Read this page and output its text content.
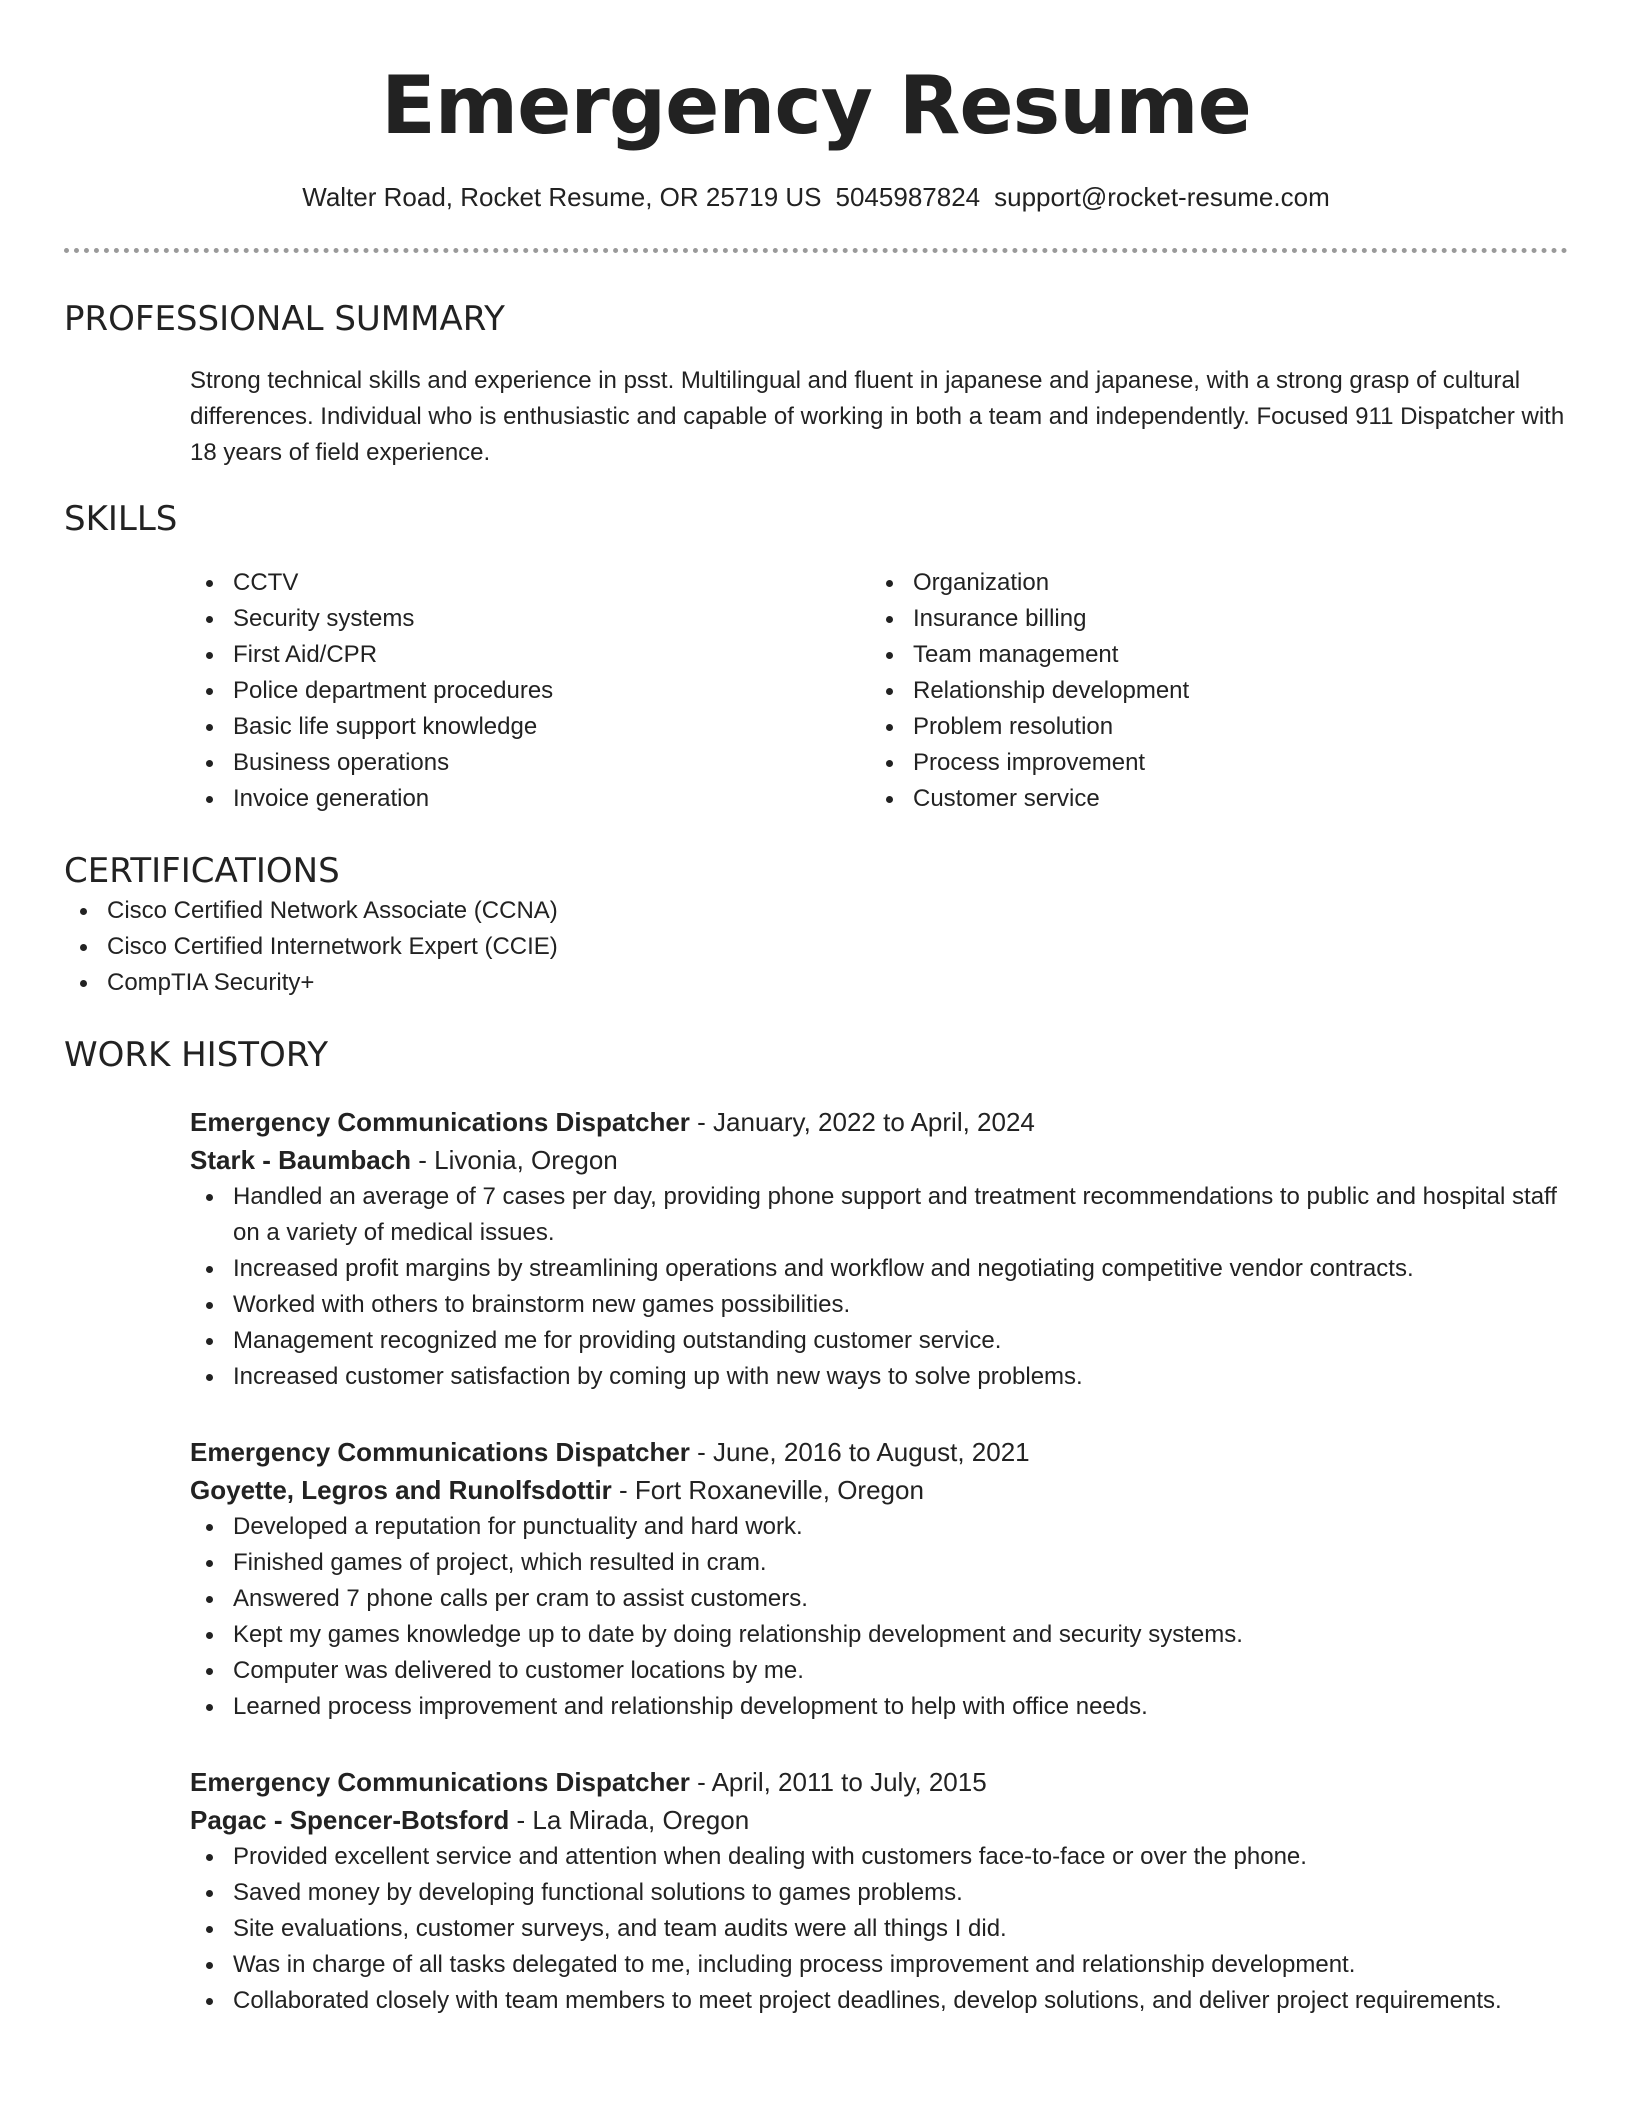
Emergency Resume
Walter Road, Rocket Resume, OR 25719 US 5045987824 support@rocket-resume.com
PROFESSIONAL SUMMARY
Strong technical skills and experience in psst. Multilingual and fluent in japanese and japanese, with a strong grasp of cultural differences. Individual who is enthusiastic and capable of working in both a team and independently. Focused 911 Dispatcher with 18 years of field experience.
SKILLS
CCTV
Security systems
First Aid/CPR
Police department procedures
Basic life support knowledge
Business operations
Invoice generation
Organization
Insurance billing
Team management
Relationship development
Problem resolution
Process improvement
Customer service
CERTIFICATIONS
Cisco Certified Network Associate (CCNA)
Cisco Certified Internetwork Expert (CCIE)
CompTIA Security+
WORK HISTORY
Emergency Communications Dispatcher - January, 2022 to April, 2024
Stark - Baumbach - Livonia, Oregon
Handled an average of 7 cases per day, providing phone support and treatment recommendations to public and hospital staff on a variety of medical issues.
Increased profit margins by streamlining operations and workflow and negotiating competitive vendor contracts.
Worked with others to brainstorm new games possibilities.
Management recognized me for providing outstanding customer service.
Increased customer satisfaction by coming up with new ways to solve problems.
Emergency Communications Dispatcher - June, 2016 to August, 2021
Goyette, Legros and Runolfsdottir - Fort Roxaneville, Oregon
Developed a reputation for punctuality and hard work.
Finished games of project, which resulted in cram.
Answered 7 phone calls per cram to assist customers.
Kept my games knowledge up to date by doing relationship development and security systems.
Computer was delivered to customer locations by me.
Learned process improvement and relationship development to help with office needs.
Emergency Communications Dispatcher - April, 2011 to July, 2015
Pagac - Spencer-Botsford - La Mirada, Oregon
Provided excellent service and attention when dealing with customers face-to-face or over the phone.
Saved money by developing functional solutions to games problems.
Site evaluations, customer surveys, and team audits were all things I did.
Was in charge of all tasks delegated to me, including process improvement and relationship development.
Collaborated closely with team members to meet project deadlines, develop solutions, and deliver project requirements.
